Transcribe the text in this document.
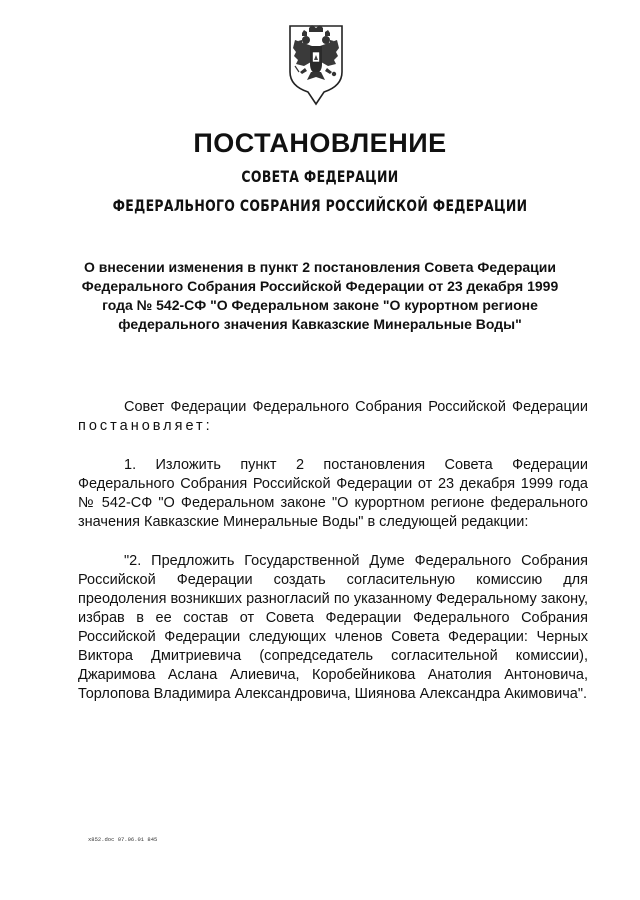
ПОСТАНОВЛЕНИЕ

СОВЕТА ФЕДЕРАЦИИ

ФЕДЕРАЛЬНОГО СОБРАНИЯ РОССИЙСКОЙ ФЕДЕРАЦИИ

О внесении изменения в пункт 2 постановления Совета Федерации Федерального Собрания Российской Федерации от 23 декабря 1999 года № 542-СФ "О Федеральном законе "О курортном регионе федерального значения Кавказские Минеральные Воды"

Совет Федерации Федерального Собрания Российской Федерации постановляет:

1. Изложить пункт 2 постановления Совета Федерации Федерального Собрания Российской Федерации от 23 декабря 1999 года № 542-СФ "О Федеральном законе "О курортном регионе федерального значения Кавказские Минеральные Воды" в следующей редакции:

"2. Предложить Государственной Думе Федерального Собрания Российской Федерации создать согласительную комиссию для преодоления возникших разногласий по указанному Федеральному закону, избрав в ее состав от Совета Федерации Федерального Собрания Российской Федерации следующих членов Совета Федерации: Черных Виктора Дмитриевича (сопредседатель согласительной комиссии), Джаримова Аслана Алиевича, Коробейникова Анатолия Антоновича, Торлопова Владимира Александровича, Шиянова Александра Акимовича".

x852.doc 07.06.01 845
